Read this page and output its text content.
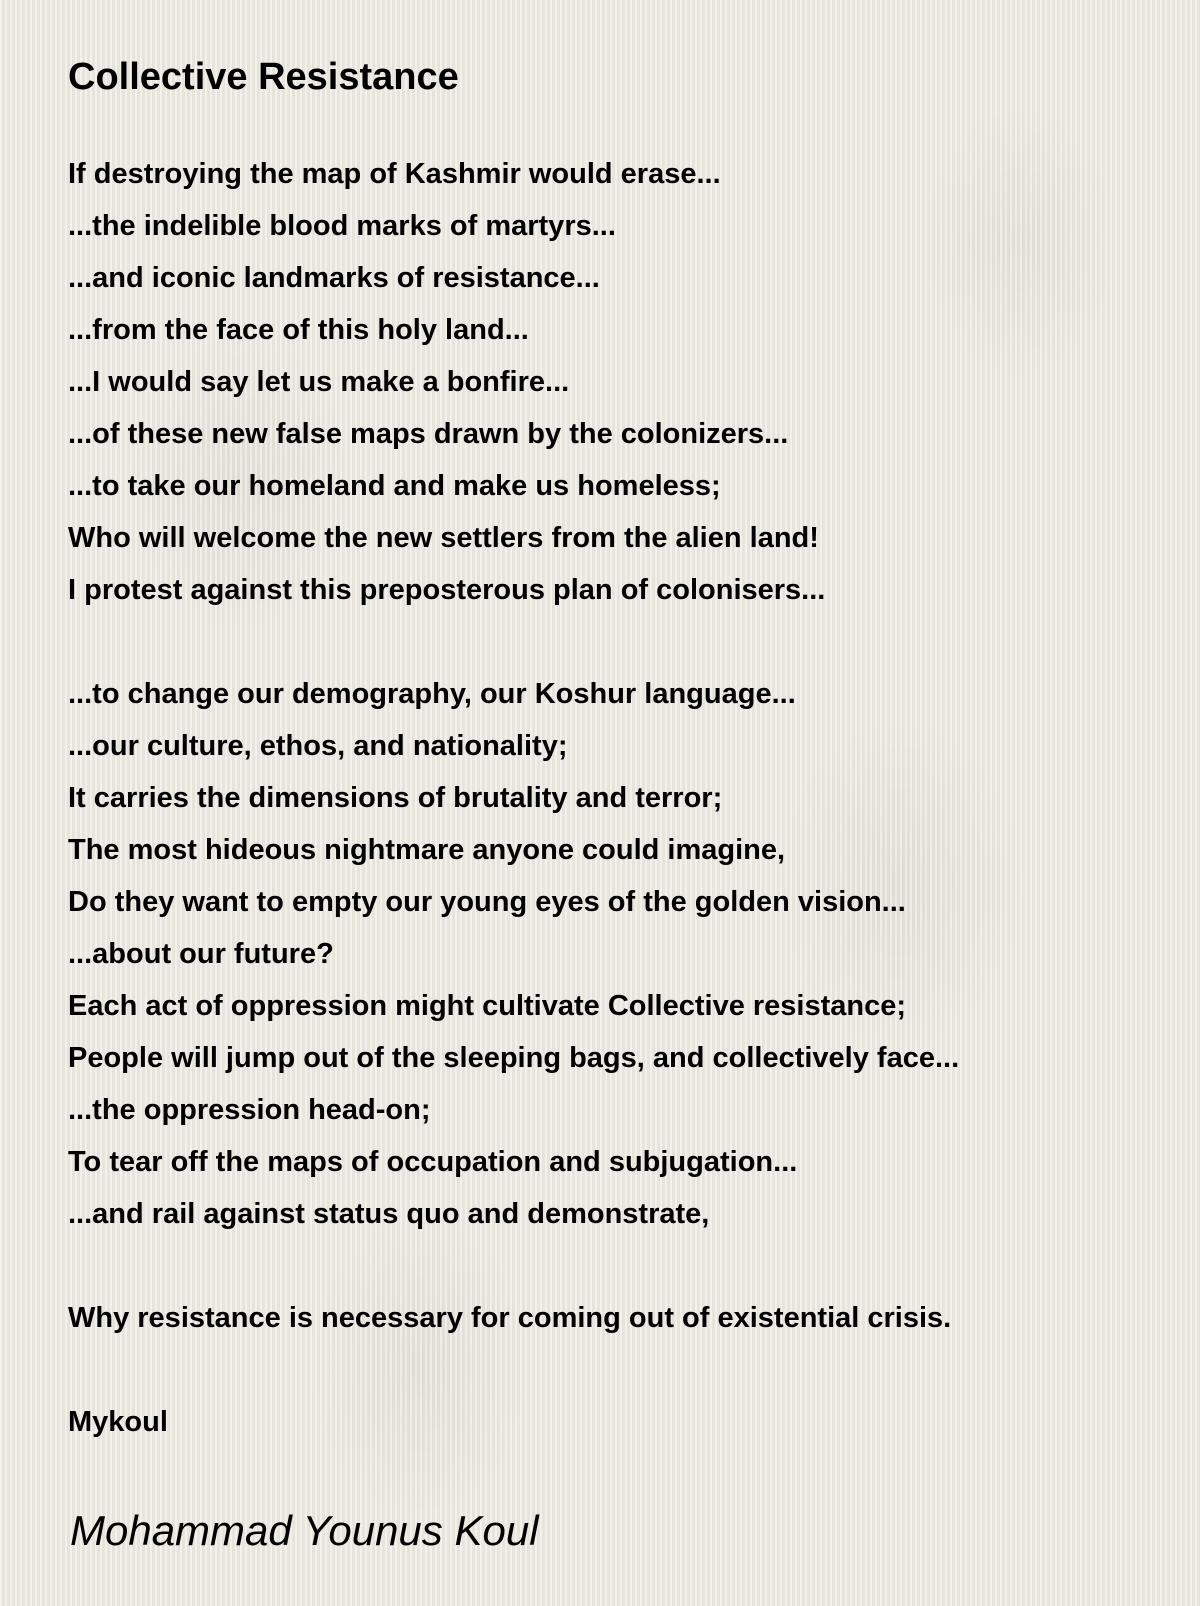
Collective Resistance
If destroying the map of Kashmir would erase...
...the indelible blood marks of martyrs...
...and iconic landmarks of resistance...
...from the face of this holy land...
...I would say let us make a bonfire...
...of these new false maps drawn by the colonizers...
...to take our homeland and make us homeless;
Who will welcome the new settlers from the alien land!
I protest against this preposterous plan of colonisers...
...to change our demography, our Koshur language...
...our culture, ethos, and nationality;
It carries the dimensions of brutality and terror;
The most hideous nightmare anyone could imagine,
Do they want to empty our young eyes of the golden vision...
...about our future?
Each act of oppression might cultivate Collective resistance;
People will jump out of the sleeping bags, and collectively face...
...the oppression head-on;
To tear off the maps of occupation and subjugation...
...and rail against status quo and demonstrate,
Why resistance is necessary for coming out of existential crisis.
Mykoul
Mohammad Younus Koul
